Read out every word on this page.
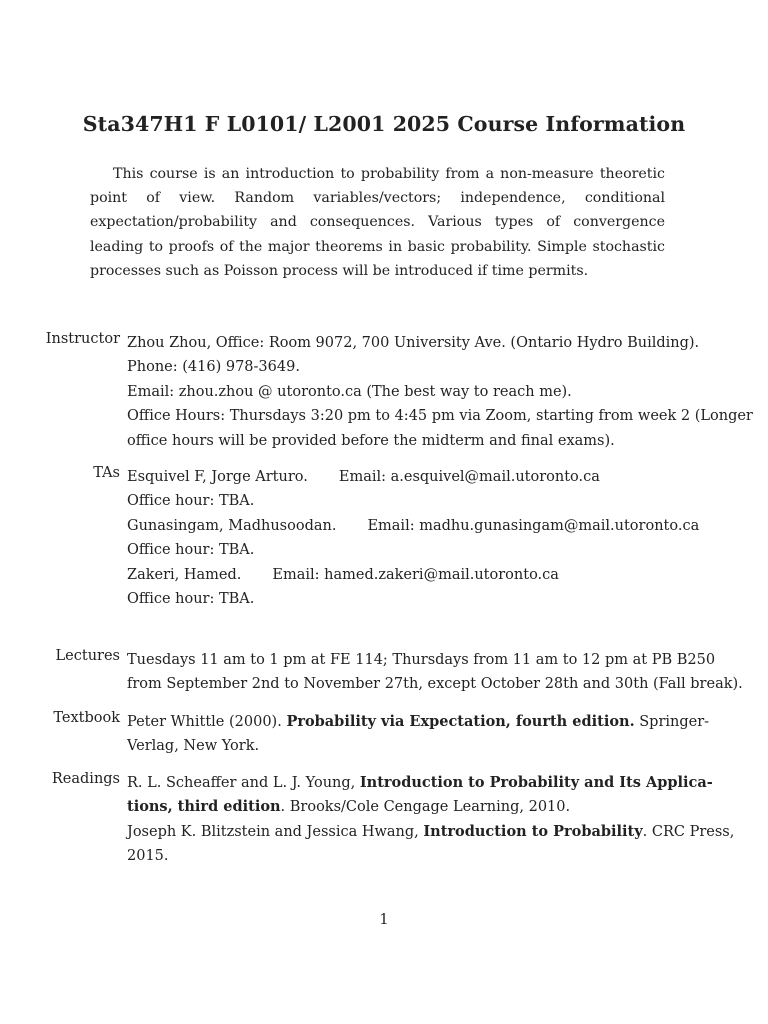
Sta347H1 F L0101/ L2001 2025 Course Information
This course is an introduction to probability from a non-measure theoretic point of view. Random variables/vectors; independence, conditional expectation/probability and consequences. Various types of convergence leading to proofs of the major theorems in basic probability. Simple stochastic processes such as Poisson process will be introduced if time permits.
Instructor Zhou Zhou, Office: Room 9072, 700 University Ave. (Ontario Hydro Building).
Phone: (416) 978-3649.
Email: zhou.zhou @ utoronto.ca (The best way to reach me).
Office Hours: Thursdays 3:20 pm to 4:45 pm via Zoom, starting from week 2 (Longer
office hours will be provided before the midterm and final exams).
TAs Esquivel F, Jorge Arturo. Email: a.esquivel@mail.utoronto.ca
Office hour: TBA.
Gunasingam, Madhusoodan. Email: madhu.gunasingam@mail.utoronto.ca
Office hour: TBA.
Zakeri, Hamed. Email: hamed.zakeri@mail.utoronto.ca
Office hour: TBA.
Lectures Tuesdays 11 am to 1 pm at FE 114; Thursdays from 11 am to 12 pm at PB B250
from September 2nd to November 27th, except October 28th and 30th (Fall break).
Textbook Peter Whittle (2000). Probability via Expectation, fourth edition. Springer-
Verlag, New York.
Readings R. L. Scheaffer and L. J. Young, Introduction to Probability and Its Applica-
tions, third edition. Brooks/Cole Cengage Learning, 2010.
Joseph K. Blitzstein and Jessica Hwang, Introduction to Probability. CRC Press,
2015.
1
